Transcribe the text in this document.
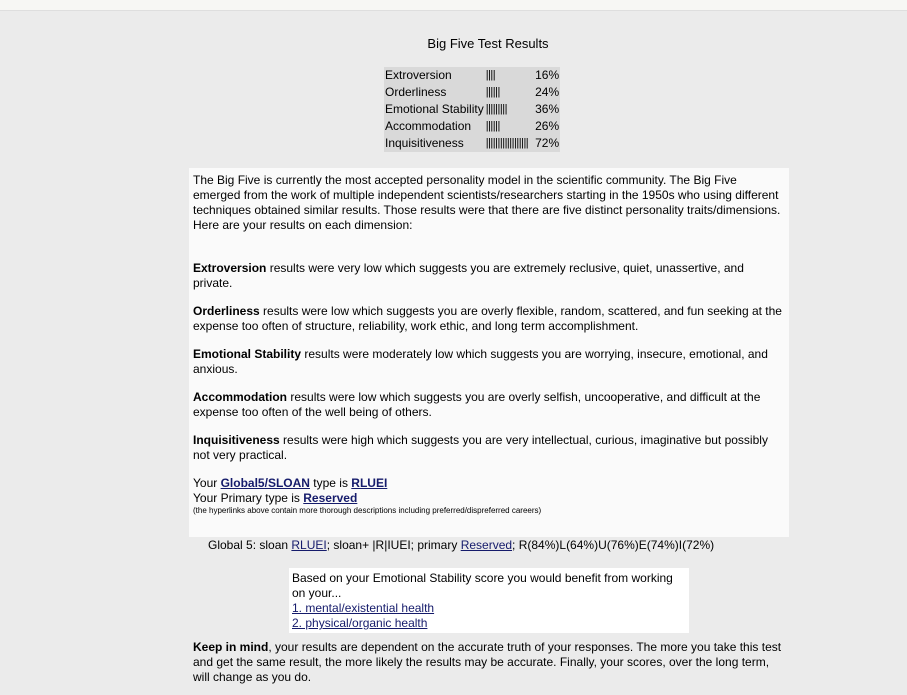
Big Five Test Results
Extroversion	||||	16%
Orderliness	||||||	24%
Emotional Stability	|||||||||	36%
Accommodation	||||||	26%
Inquisitiveness	||||||||||||||||||	72%

The Big Five is currently the most accepted personality model in the scientific community. The Big Five emerged from the work of multiple independent scientists/researchers starting in the 1950s who using different techniques obtained similar results. Those results were that there are five distinct personality traits/dimensions. Here are your results on each dimension:

Extroversion results were very low which suggests you are extremely reclusive, quiet, unassertive, and private.

Orderliness results were low which suggests you are overly flexible, random, scattered, and fun seeking at the expense too often of structure, reliability, work ethic, and long term accomplishment.

Emotional Stability results were moderately low which suggests you are worrying, insecure, emotional, and anxious.

Accommodation results were low which suggests you are overly selfish, uncooperative, and difficult at the expense too often of the well being of others.

Inquisitiveness results were high which suggests you are very intellectual, curious, imaginative but possibly not very practical.

Your Global5/SLOAN type is RLUEI

Your Primary type is Reserved

(the hyperlinks above contain more thorough descriptions including preferred/dispreferred careers)

Global 5: sloan RLUEI; sloan+ |R|IUEI; primary Reserved; R(84%)L(64%)U(76%)E(74%)I(72%)
Based on your Emotional Stability score you would benefit from working on your...
1. mental/existential health
2. physical/organic health
Keep in mind, your results are dependent on the accurate truth of your responses. The more you take this test and get the same result, the more likely the results may be accurate. Finally, your scores, over the long term, will change as you do.
